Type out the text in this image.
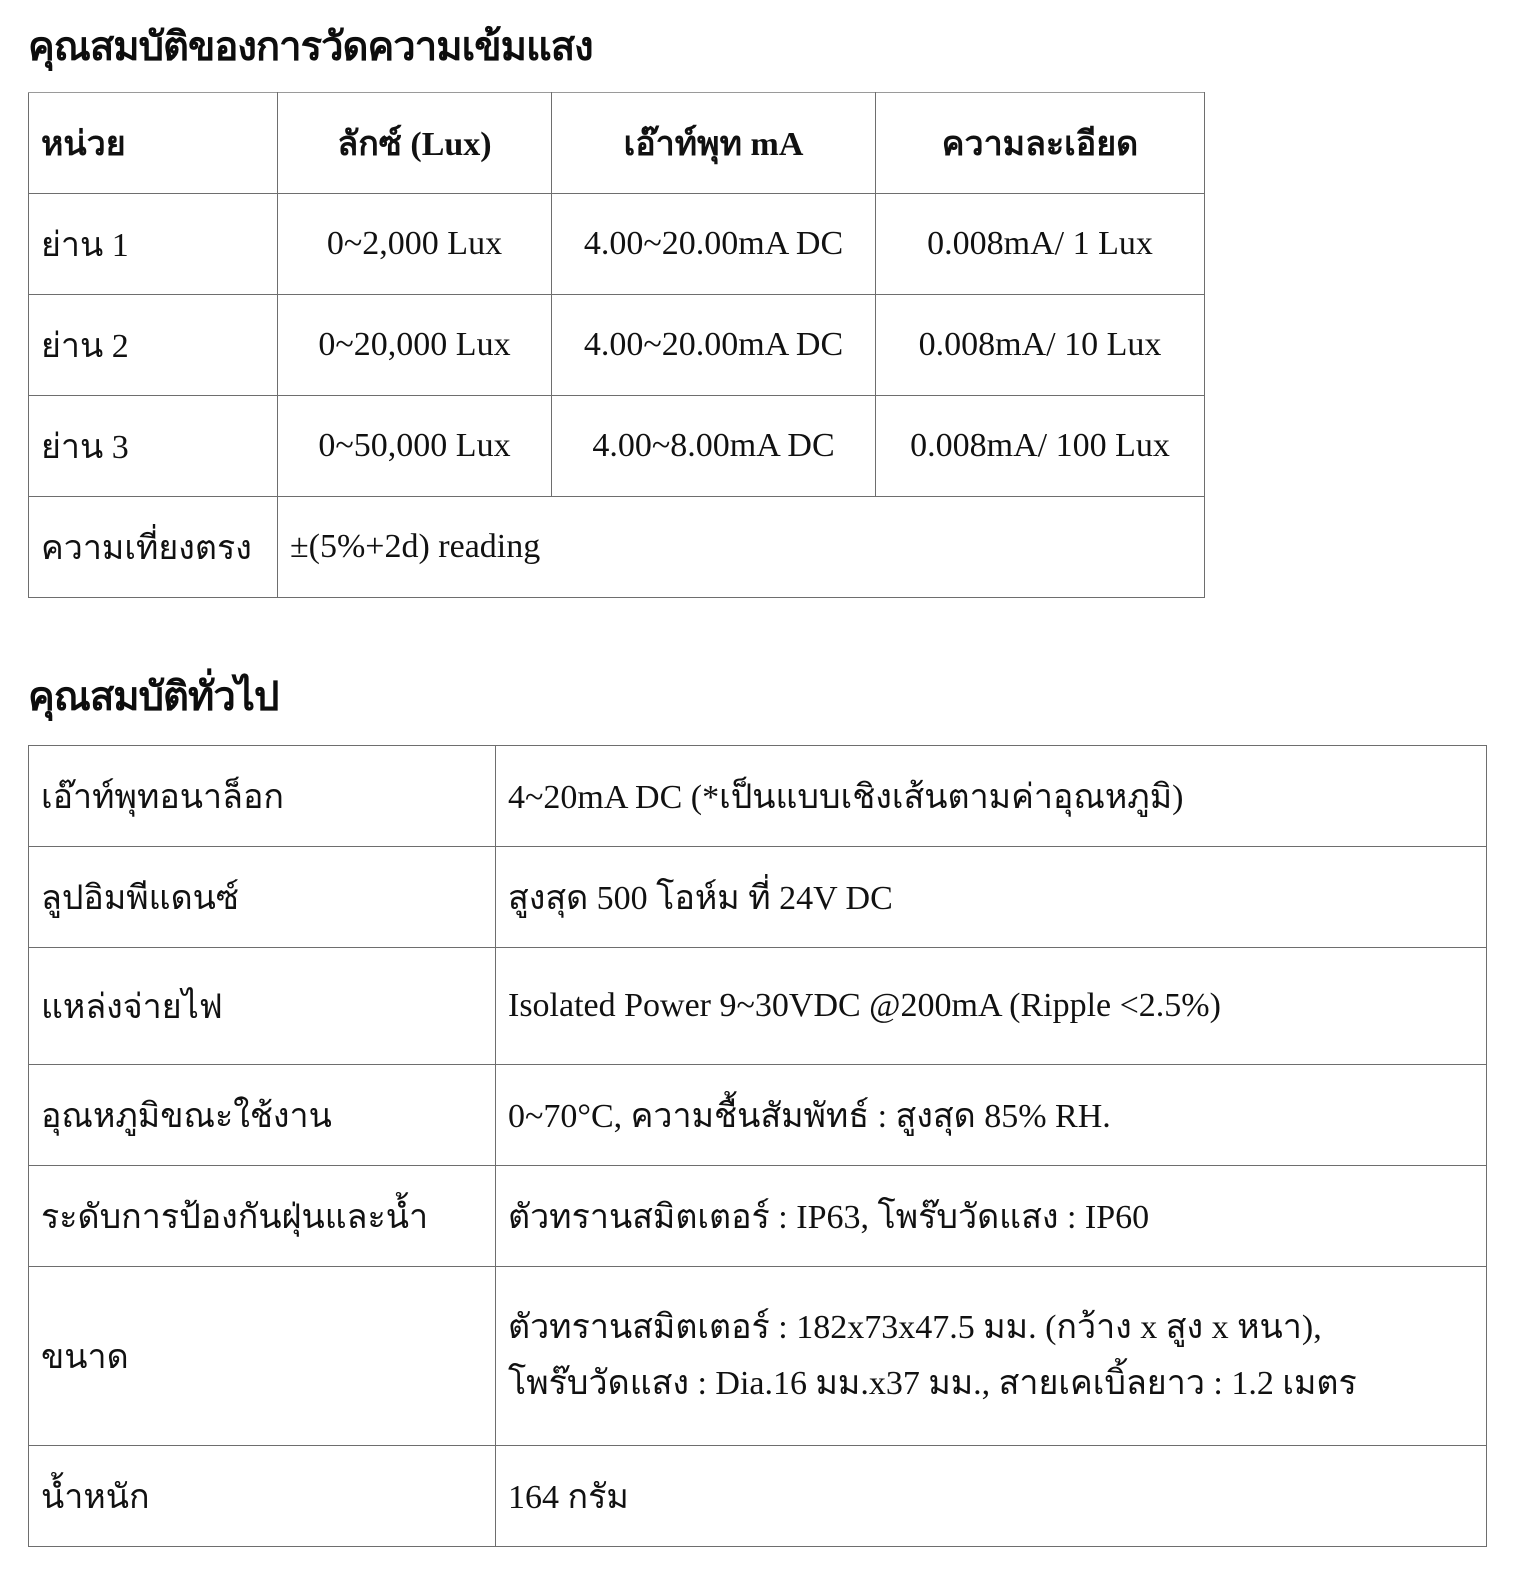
คุณสมบัติของการวัดความเข้มแสง
หน่วย	ลักซ์ (Lux)	เอ๊าท์พุท mA	ความละเอียด
ย่าน 1	0~2,000 Lux	4.00~20.00mA DC	0.008mA/ 1 Lux
ย่าน 2	0~20,000 Lux	4.00~20.00mA DC	0.008mA/ 10 Lux
ย่าน 3	0~50,000 Lux	4.00~8.00mA DC	0.008mA/ 100 Lux
ความเที่ยงตรง	±(5%+2d) reading		
คุณสมบัติทั่วไป
เอ๊าท์พุทอนาล็อก	4~20mA DC (*เป็นแบบเชิงเส้นตามค่าอุณหภูมิ)
ลูปอิมพีแดนซ์	สูงสุด 500 โอห์ม ที่ 24V DC
แหล่งจ่ายไฟ	Isolated Power 9~30VDC @200mA (Ripple <2.5%)
อุณหภูมิขณะใช้งาน	0~70°C, ความชื้นสัมพัทธ์ : สูงสุด 85% RH.
ระดับการป้องกันฝุ่นและน้ำ	ตัวทรานสมิตเตอร์ : IP63, โพร๊บวัดแสง : IP60
ขนาด	ตัวทรานสมิตเตอร์ : 182x73x47.5 มม. (กว้าง x สูง x หนา),
โพร๊บวัดแสง : Dia.16 มม.x37 มม., สายเคเบิ้ลยาว : 1.2 เมตร

น้ำหนัก	164 กรัม
